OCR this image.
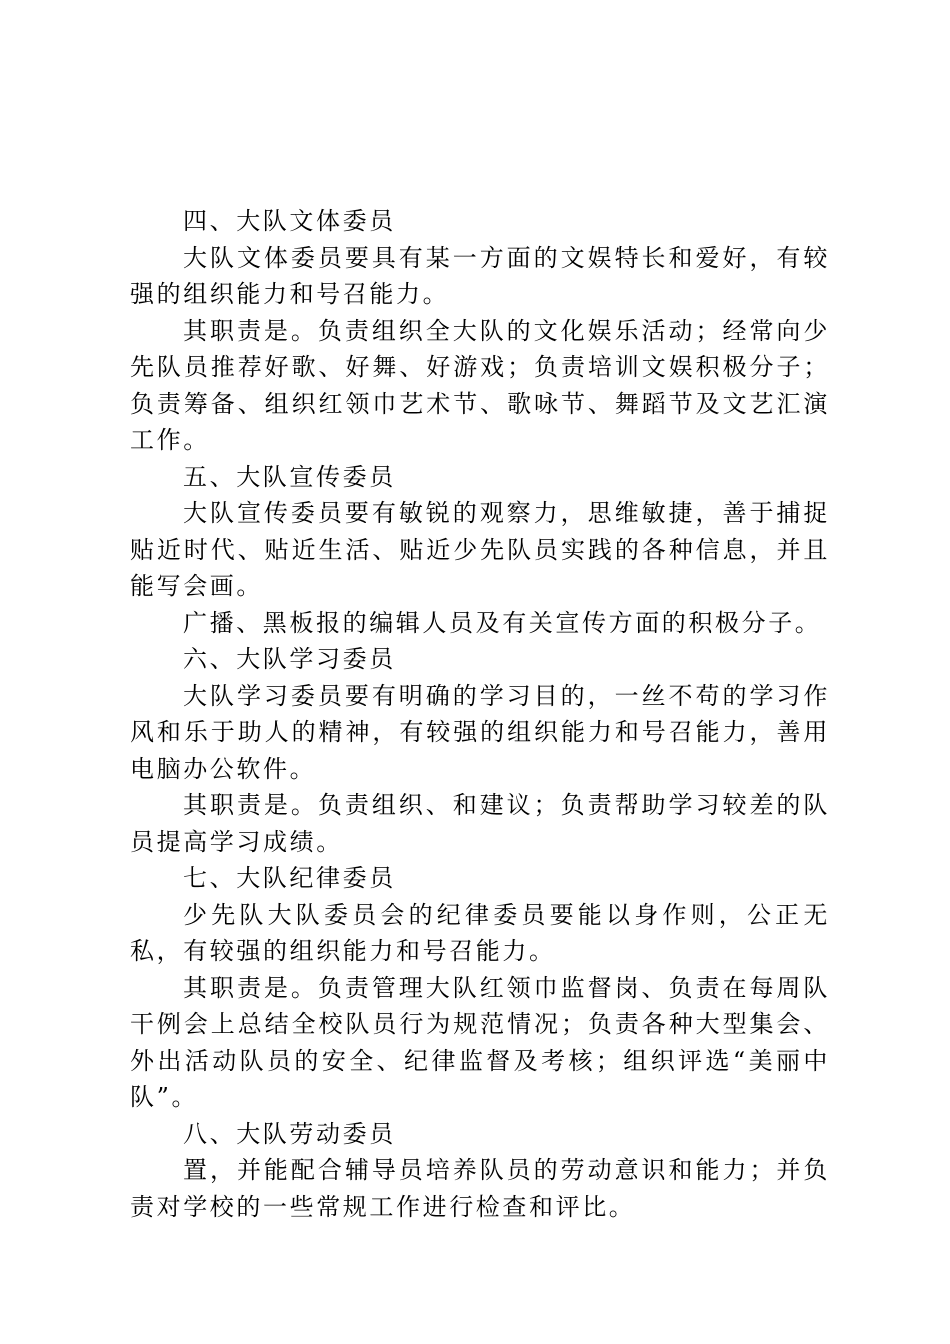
四、大队文体委员

大队文体委员要具有某一方面的文娱特长和爱好，有较强的组织能力和号召能力。

其职责是。负责组织全大队的文化娱乐活动；经常向少先队员推荐好歌、好舞、好游戏；负责培训文娱积极分子；负责筹备、组织红领巾艺术节、歌咏节、舞蹈节及文艺汇演工作。

五、大队宣传委员

大队宣传委员要有敏锐的观察力，思维敏捷，善于捕捉贴近时代、贴近生活、贴近少先队员实践的各种信息，并且能写会画。

广播、黑板报的编辑人员及有关宣传方面的积极分子。

六、大队学习委员

大队学习委员要有明确的学习目的，一丝不苟的学习作风和乐于助人的精神，有较强的组织能力和号召能力，善用电脑办公软件。

其职责是。负责组织、和建议；负责帮助学习较差的队员提高学习成绩。

七、大队纪律委员

少先队大队委员会的纪律委员要能以身作则，公正无私，有较强的组织能力和号召能力。

其职责是。负责管理大队红领巾监督岗、负责在每周队干例会上总结全校队员行为规范情况；负责各种大型集会、外出活动队员的安全、纪律监督及考核；组织评选“美丽中队”。

八、大队劳动委员

置，并能配合辅导员培养队员的劳动意识和能力；并负责对学校的一些常规工作进行检查和评比。
